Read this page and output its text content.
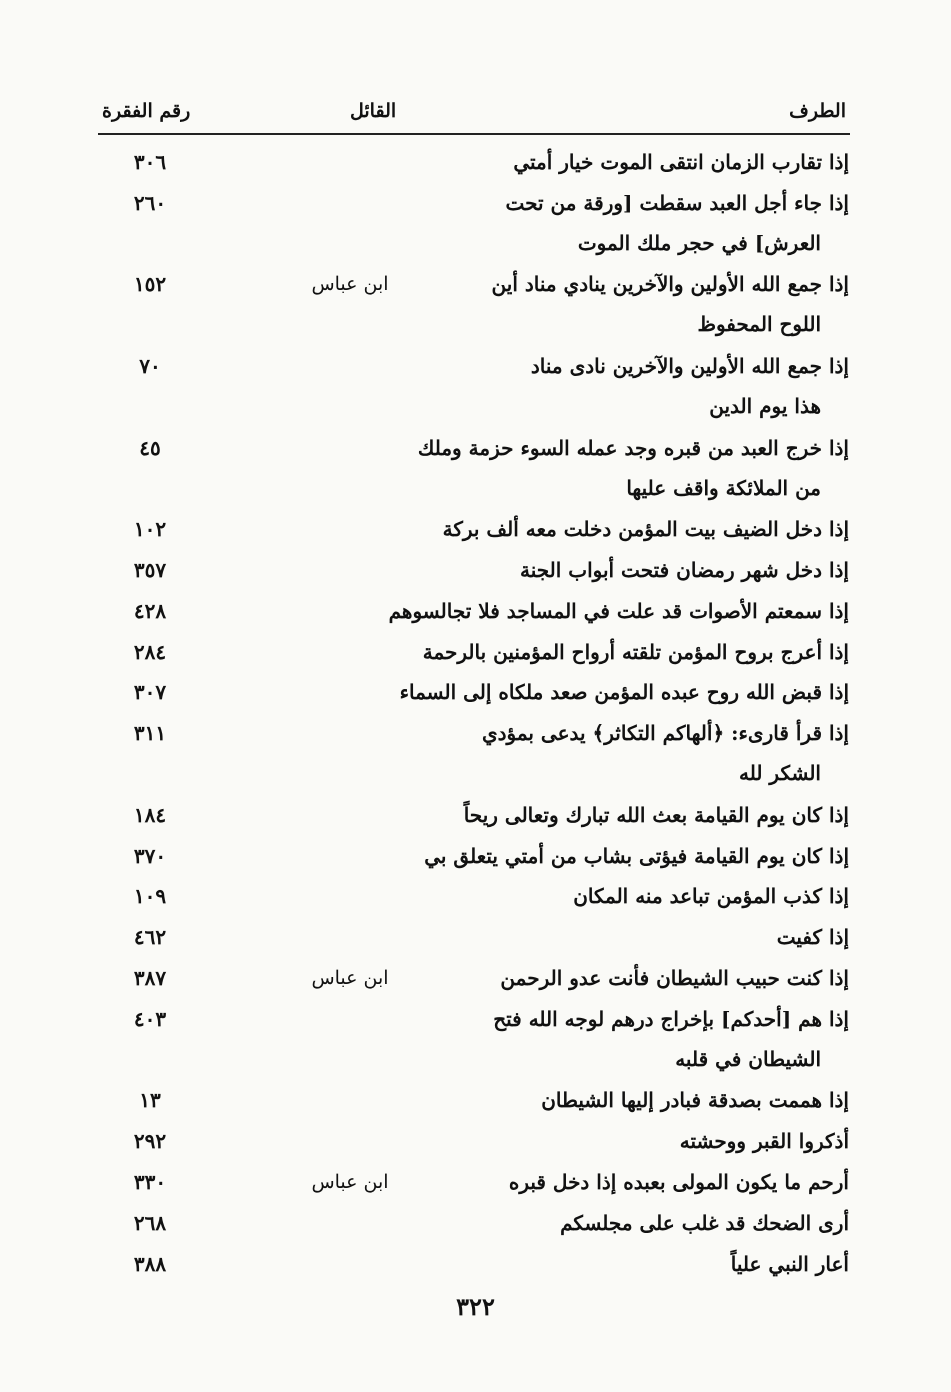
الطرف
القائل
رقم الفقرة
إذا تقارب الزمان انتقى الموت خيار أمتي
٣٠٦
إذا جاء أجل العبد سقطت [ورقة من تحت
العرش] في حجر ملك الموت
٢٦٠
إذا جمع الله الأولين والآخرين ينادي مناد أين
اللوح المحفوظ
ابن عباس
١٥٢
إذا جمع الله الأولين والآخرين نادى مناد
هذا يوم الدين
٧٠
إذا خرج العبد من قبره وجد عمله السوء حزمة وملك
من الملائكة واقف عليها
٤٥
إذا دخل الضيف بيت المؤمن دخلت معه ألف بركة
١٠٢
إذا دخل شهر رمضان فتحت أبواب الجنة
٣٥٧
إذا سمعتم الأصوات قد علت في المساجد فلا تجالسوهم
٤٢٨
إذا أعرج بروح المؤمن تلقته أرواح المؤمنين بالرحمة
٢٨٤
إذا قبض الله روح عبده المؤمن صعد ملكاه إلى السماء
٣٠٧
إذا قرأ قارىء: ﴿ألهاكم التكاثر﴾ يدعى بمؤدي
الشكر لله
٣١١
إذا كان يوم القيامة بعث الله تبارك وتعالى ريحاً
١٨٤
إذا كان يوم القيامة فيؤتى بشاب من أمتي يتعلق بي
٣٧٠
إذا كذب المؤمن تباعد منه المكان
١٠٩
إذا كفيت
٤٦٢
إذا كنت حبيب الشيطان فأنت عدو الرحمن
ابن عباس
٣٨٧
إذا هم [أحدكم] بإخراج درهم لوجه الله فتح
الشيطان في قلبه
٤٠٣
إذا هممت بصدقة فبادر إليها الشيطان
١٣
أذكروا القبر ووحشته
٢٩٢
أرحم ما يكون المولى بعبده إذا دخل قبره
ابن عباس
٣٣٠
أرى الضحك قد غلب على مجلسكم
٢٦٨
أعار النبي علياً
٣٨٨
٣٢٢
